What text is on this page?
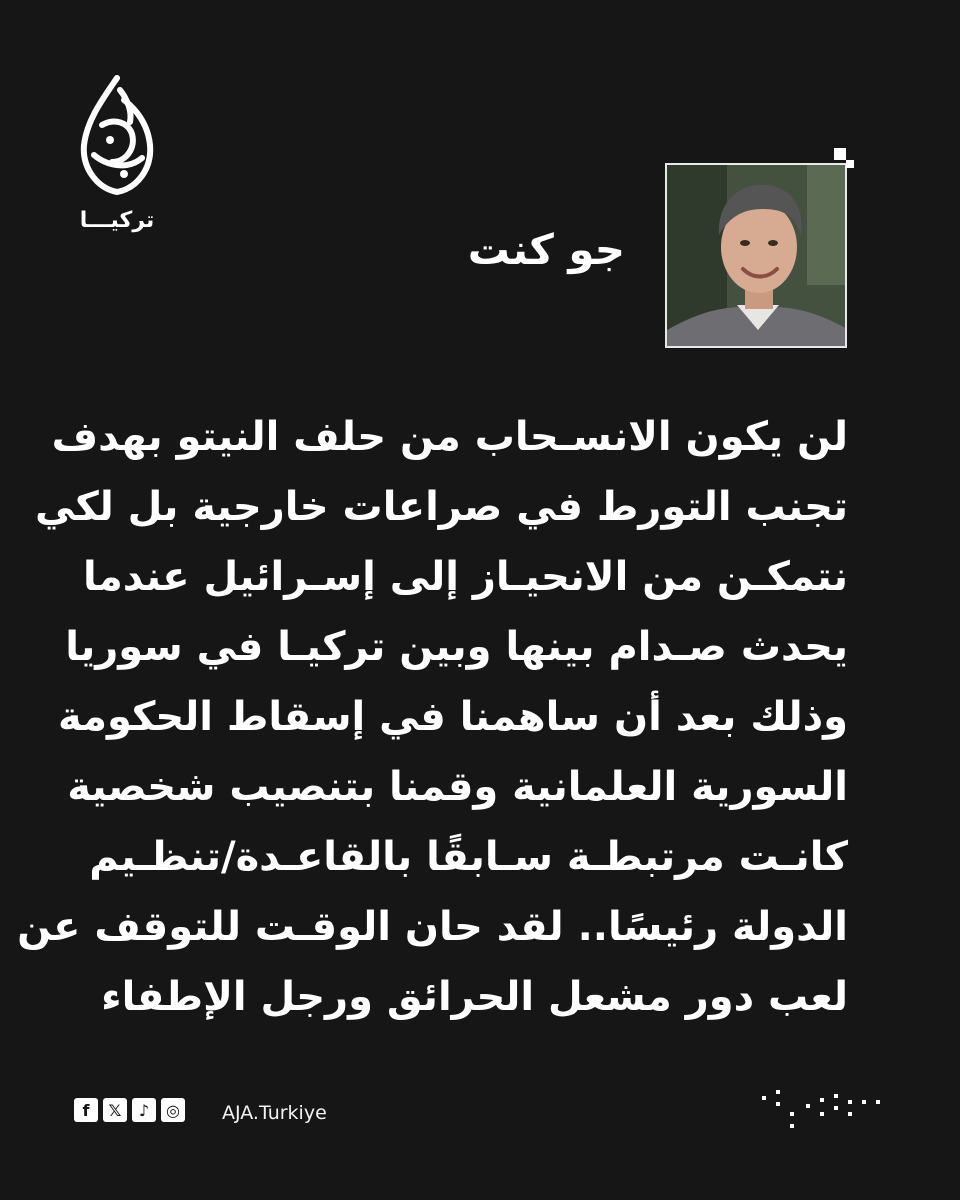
تركيـــا
جو كنت
لن يكون الانسـحاب من حلف النيتو بهدف
تجنب التورط في صراعات خارجية بل لكي
نتمكـن من الانحيـاز إلى إسـرائيل عندما
يحدث صـدام بينها وبين تركيـا في سوريا
وذلك بعد أن ساهمنا في إسقاط الحكومة
السورية العلمانية وقمنا بتنصيب شخصية
كانـت مرتبطـة سـابقًا بالقاعـدة/تنظـيم
الدولة رئيسًا.. لقد حان الوقـت للتوقف عن
لعب دور مشعل الحرائق ورجل الإطفاء
f	𝕏	♪	◎ AJA.Turkiye
